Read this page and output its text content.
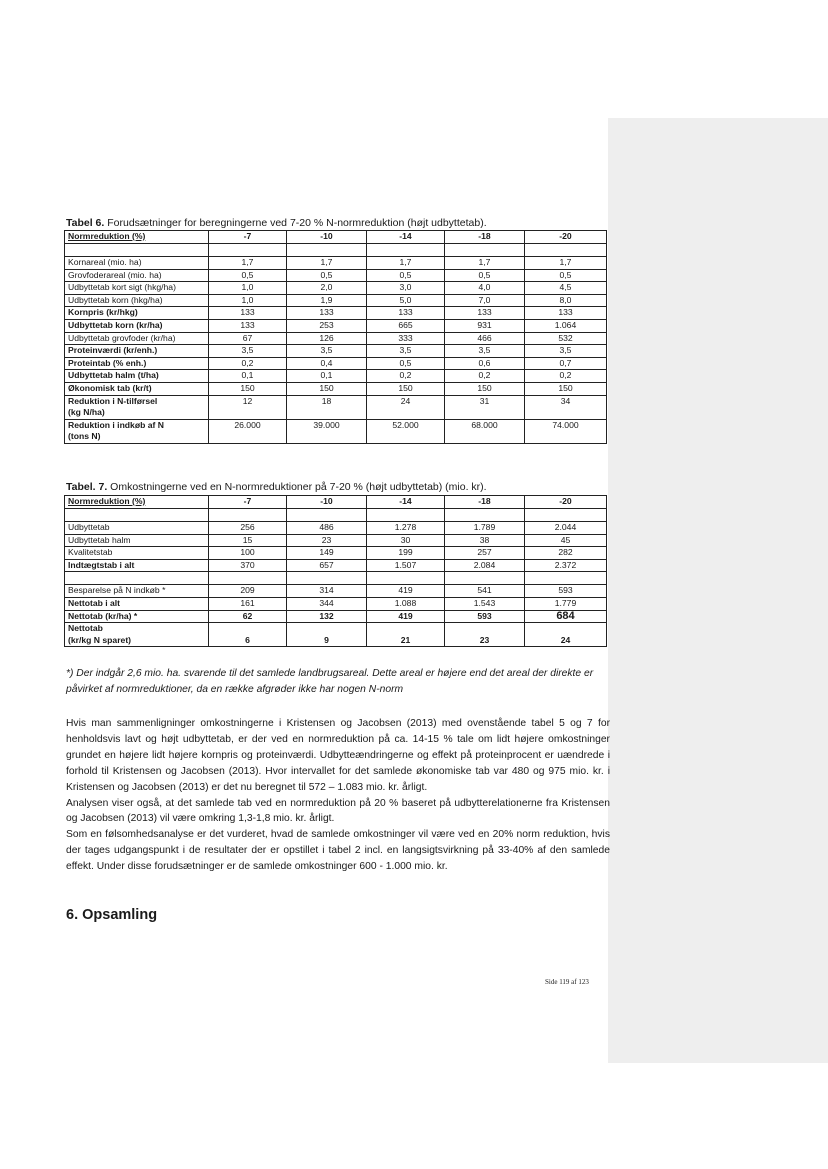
Tabel 6. Forudsætninger for beregningerne ved 7-20 % N-normreduktion (højt udbyttetab).
Normreduktion (%)	-7	-10	-14	-18	-20

Kornareal (mio. ha)	1,7	1,7	1,7	1,7	1,7
Grovfoderareal (mio. ha)	0,5	0,5	0,5	0,5	0,5
Udbyttetab kort sigt (hkg/ha)	1,0	2,0	3,0	4,0	4,5
Udbyttetab korn (hkg/ha)	1,0	1,9	5,0	7,0	8,0
Kornpris (kr/hkg)	133	133	133	133	133
Udbyttetab korn (kr/ha)	133	253	665	931	1.064
Udbyttetab grovfoder (kr/ha)	67	126	333	466	532
Proteinværdi (kr/enh.)	3,5	3,5	3,5	3,5	3,5
Proteintab (% enh.)	0,2	0,4	0,5	0,6	0,7
Udbyttetab halm (t/ha)	0,1	0,1	0,2	0,2	0,2
Økonomisk tab (kr/t)	150	150	150	150	150

Reduktion i N-tilførsel
(kg N/ha)	12	18	24	31	34

Reduktion i indkøb af N
(tons N)	26.000	39.000	52.000	68.000	74.000
Tabel. 7. Omkostningerne ved en N-normreduktioner på 7-20 % (højt udbyttetab) (mio. kr).
Normreduktion (%)	-7	-10	-14	-18	-20

Udbyttetab	256	486	1.278	1.789	2.044
Udbyttetab halm	15	23	30	38	45
Kvalitetstab	100	149	199	257	282
Indtægtstab i alt	370	657	1.507	2.084	2.372

Besparelse på N indkøb *	209	314	419	541	593
Nettotab i alt	161	344	1.088	1.543	1.779
Nettotab (kr/ha) *	62	132	419	593	684

Nettotab
(kr/kg N sparet)	6	9	21	23	24
*) Der indgår 2,6 mio. ha. svarende til det samlede landbrugsareal. Dette areal er højere end det areal der direkte er påvirket af normreduktioner, da en række afgrøder ikke har nogen N-norm

Hvis man sammenligninger omkostningerne i Kristensen og Jacobsen (2013) med ovenstående tabel 5 og 7 for henholdsvis lavt og højt udbyttetab, er der ved en normreduktion på ca. 14-15 % tale om lidt højere omkostninger grundet en højere lidt højere kornpris og proteinværdi. Udbytteændringerne og effekt på proteinprocent er uændrede i forhold til Kristensen og Jacobsen (2013). Hvor intervallet for det samlede økonomiske tab var 480 og 975 mio. kr. i Kristensen og Jacobsen (2013) er det nu beregnet til 572 – 1.083 mio. kr. årligt.

Analysen viser også, at det samlede tab ved en normreduktion på 20 % baseret på udbytterelationerne fra Kristensen og Jacobsen (2013) vil være omkring 1,3-1,8 mio. kr. årligt.

Som en følsomhedsanalyse er det vurderet, hvad de samlede omkostninger vil være ved en 20% norm reduktion, hvis der tages udgangspunkt i de resultater der er opstillet i tabel 2 incl. en langsigtsvirkning på 33-40% af den samlede effekt. Under disse forudsætninger er de samlede omkostninger 600 - 1.000 mio. kr.

6. Opsamling
Side 119 af 123
